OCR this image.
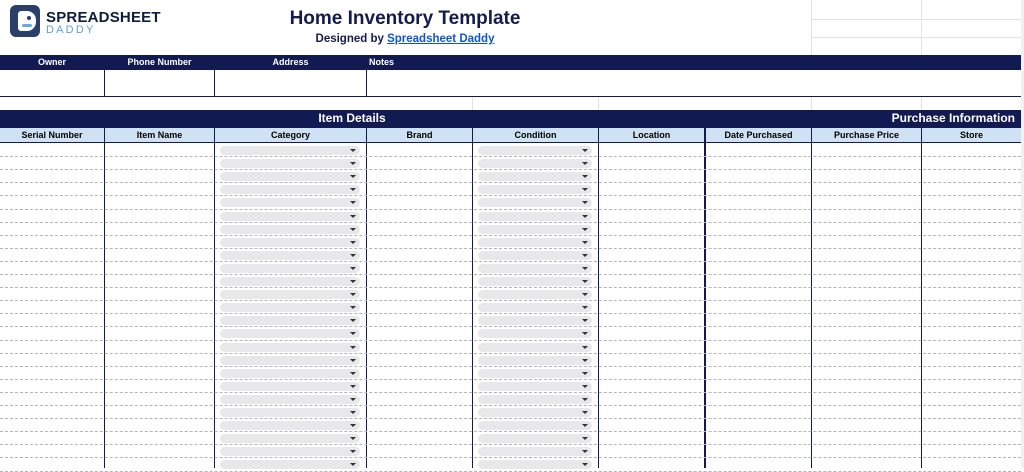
SPREADSHEET
DADDY
Home Inventory Template
Designed by Spreadsheet Daddy
Owner	Phone Number	Address	Notes
Item Details	Purchase Information
Serial Number	Item Name	Category	Brand	Condition	Location	Date Purchased	Purchase Price	Store
